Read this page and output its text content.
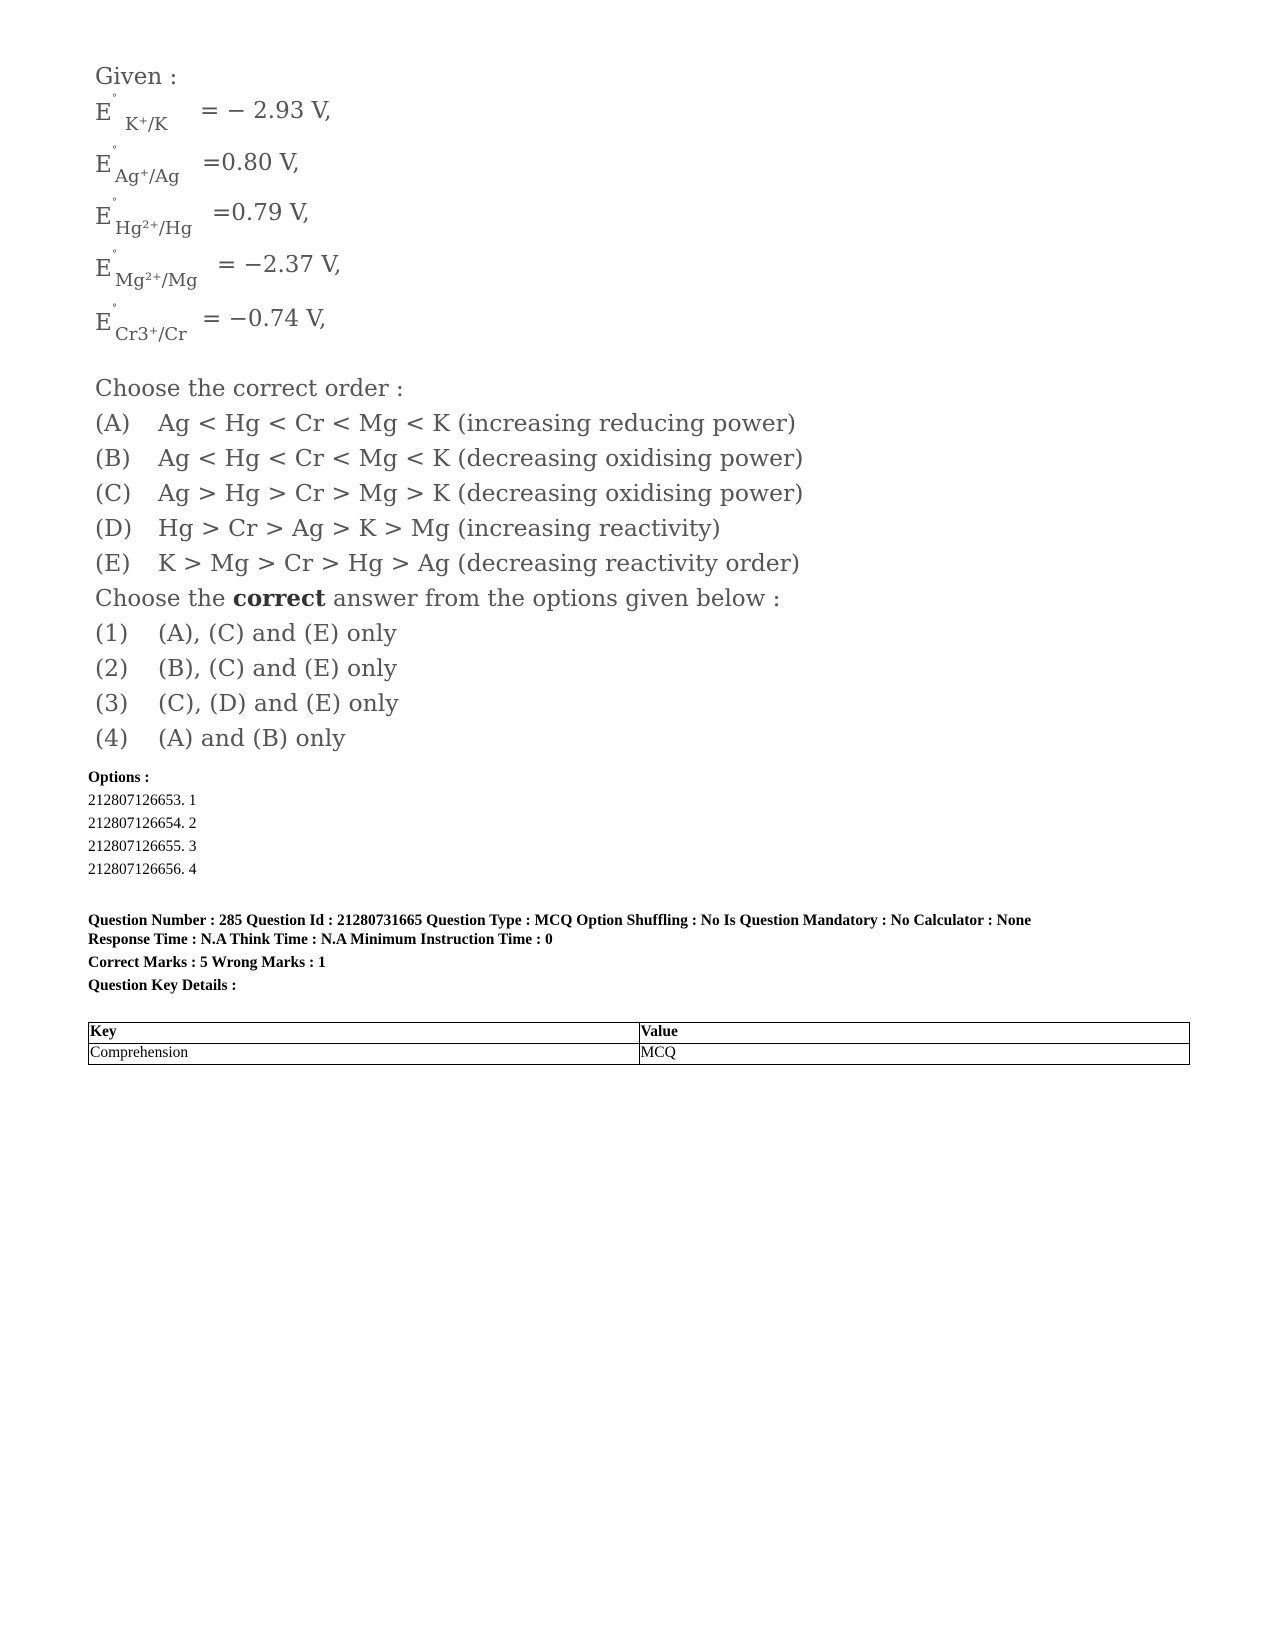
Given :
E
°
K⁺/K
= − 2.93 V,
E
°
Ag⁺/Ag
=0.80 V,
E
°
Hg²⁺/Hg
=0.79 V,
E
°
Mg²⁺/Mg
= −2.37 V,
E
°
Cr3⁺/Cr
= −0.74 V,
Choose the correct order :
(A) Ag < Hg < Cr < Mg < K (increasing reducing power)
(B) Ag < Hg < Cr < Mg < K (decreasing oxidising power)
(C) Ag > Hg > Cr > Mg > K (decreasing oxidising power)
(D) Hg > Cr > Ag > K > Mg (increasing reactivity)
(E) K > Mg > Cr > Hg > Ag (decreasing reactivity order)
Choose the correct answer from the options given below :
(1) (A), (C) and (E) only
(2) (B), (C) and (E) only
(3) (C), (D) and (E) only
(4) (A) and (B) only
Options :
212807126653. 1
212807126654. 2
212807126655. 3
212807126656. 4
Question Number : 285 Question Id : 21280731665 Question Type : MCQ Option Shuffling : No Is Question Mandatory : No Calculator : None
Response Time : N.A Think Time : N.A Minimum Instruction Time : 0
Correct Marks : 5 Wrong Marks : 1
Question Key Details :
Key	Value
Comprehension	MCQ
